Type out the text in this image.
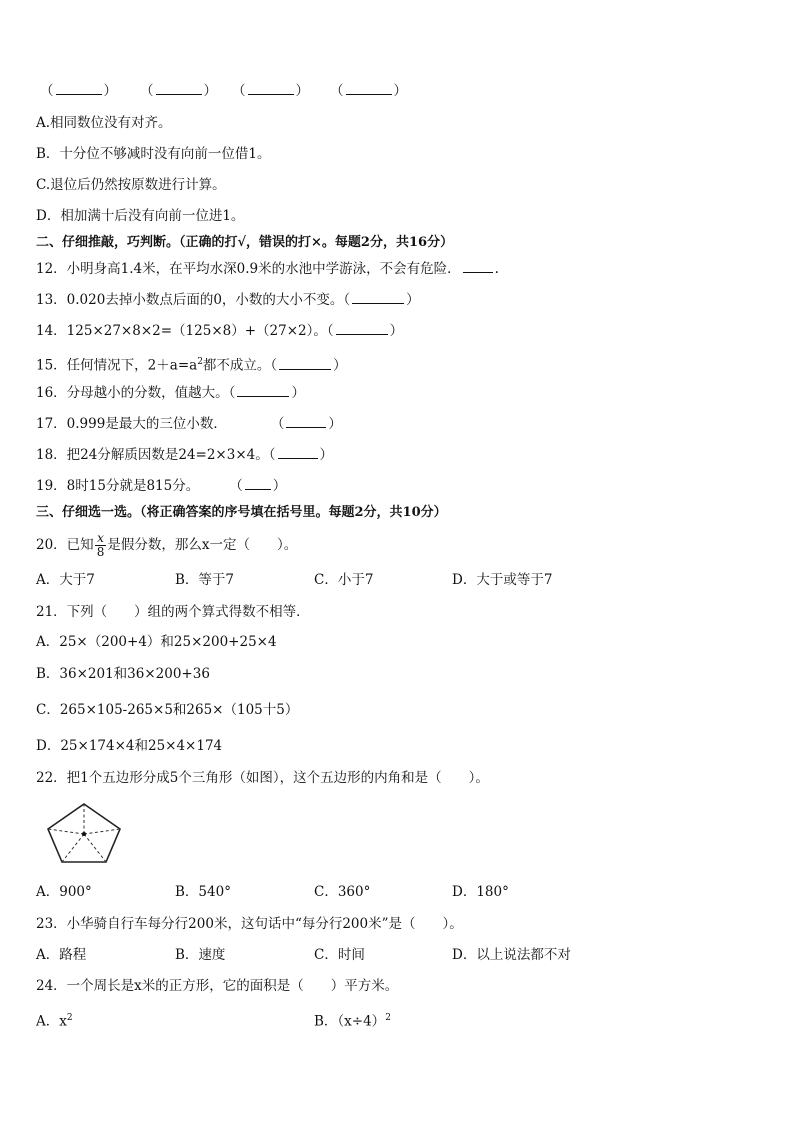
（	） （	） （	） （	）
A.相同数位没有对齐。
B．十分位不够减时没有向前一位借1。
C.退位后仍然按原数进行计算。
D．相加满十后没有向前一位进1。
二、仔细推敲，巧判断。（正确的打√，错误的打×。每题2分，共16分）
12．小明身高1.4米，在平均水深0.9米的水池中学游泳，不会有危险．	.
13．0.020去掉小数点后面的0，小数的大小不变。（	）
14．125×27×8×2=（125×8）+（27×2）。（	）
15．任何情况下，$2+a=a^2$都不成立。（	）
16．分母越小的分数，值越大。（	）
17．0.999是最大的三位小数．	（	）
18．把24分解质因数是24=2×3×4。（	）
19．8时15分就是815分。 （ ）
三、仔细选一选。（将正确答案的序号填在括号里。每题2分，共10分）
20．已知 $\frac{x}{8}$ 是假分数，那么x一定（　　）。
A．大于7	B．等于7	C．小于7	D．大于或等于7
21．下列（　　）组的两个算式得数不相等．
A．25×（200+4）和25×200+25×4
B．36×201和36×200+36
C．265×105-265×5和265×（105十5）
D．25×174×4和25×4×174
22．把1个五边形分成5个三角形（如图），这个五边形的内角和是（　　）。
A．900°	B．540°	C．360°	D．180°
23．小华骑自行车每分行200米，这句话中“每分行200米”是（　　）。
A．路程	B．速度	C．时间	D．以上说法都不对
24．一个周长是x米的正方形，它的面积是（　　）平方米。
A．$x^2$	B．$(x\div 4)^2$
